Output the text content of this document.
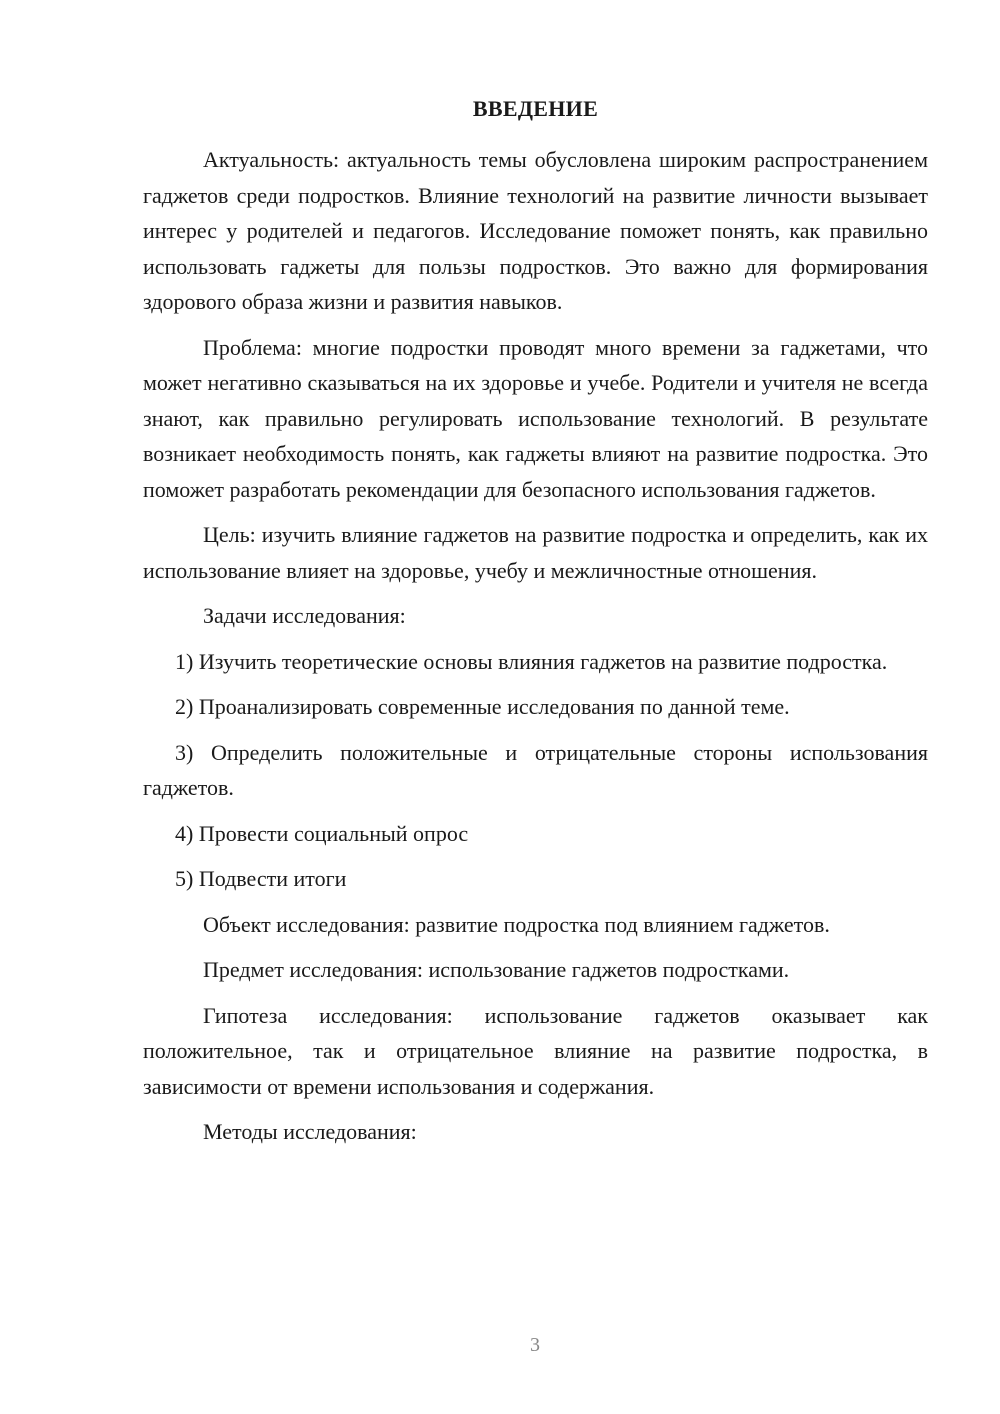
ВВЕДЕНИЕ

Актуальность: актуальность темы обусловлена широким распространением гаджетов среди подростков. Влияние технологий на развитие личности вызывает интерес у родителей и педагогов. Исследование поможет понять, как правильно использовать гаджеты для пользы подростков. Это важно для формирования здорового образа жизни и развития навыков.

Проблема: многие подростки проводят много времени за гаджетами, что может негативно сказываться на их здоровье и учебе. Родители и учителя не всегда знают, как правильно регулировать использование технологий. В результате возникает необходимость понять, как гаджеты влияют на развитие подростка. Это поможет разработать рекомендации для безопасного использования гаджетов.

Цель: изучить влияние гаджетов на развитие подростка и определить, как их использование влияет на здоровье, учебу и межличностные отношения.

Задачи исследования:

1) Изучить теоретические основы влияния гаджетов на развитие подростка.

2) Проанализировать современные исследования по данной теме.

3) Определить положительные и отрицательные стороны использования гаджетов.

4) Провести социальный опрос

5) Подвести итоги

Объект исследования: развитие подростка под влиянием гаджетов.

Предмет исследования: использование гаджетов подростками.

Гипотеза исследования: использование гаджетов оказывает как положительное, так и отрицательное влияние на развитие подростка, в зависимости от времени использования и содержания.

Методы исследования:

3
